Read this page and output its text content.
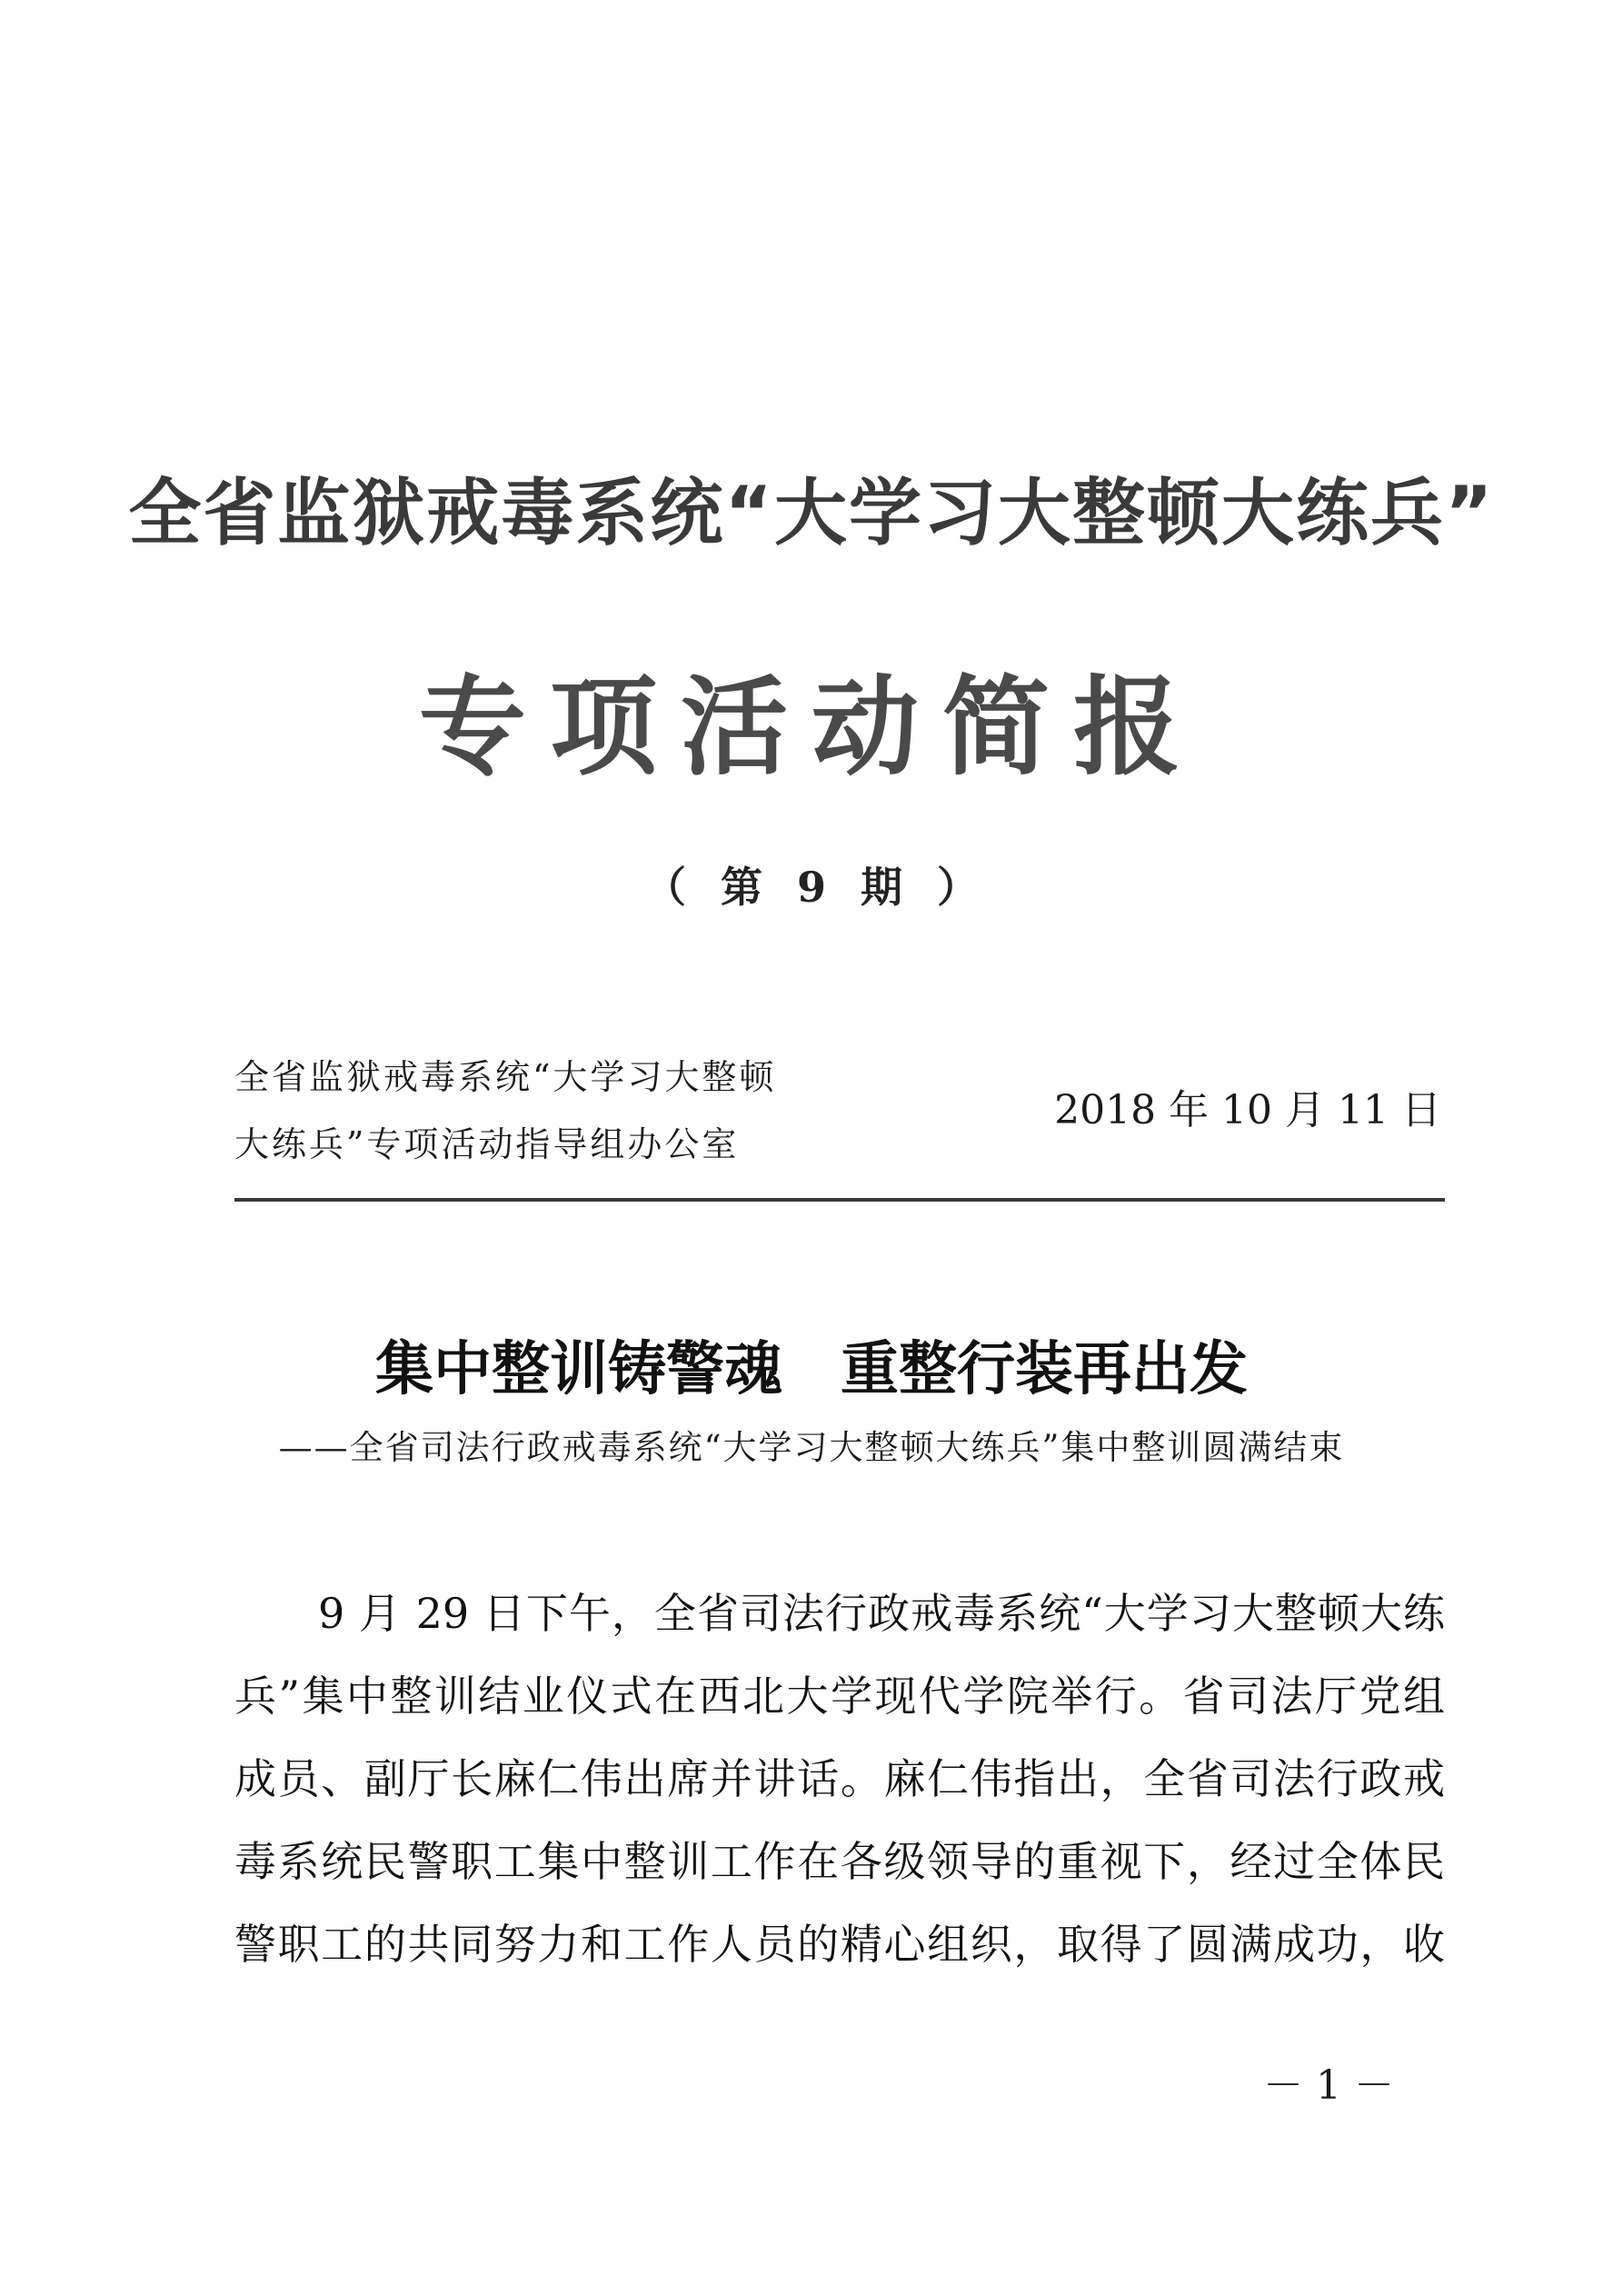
全省监狱戒毒系统“大学习大整顿大练兵”
专项活动简报
（ 第 9 期 ）
全省监狱戒毒系统“大学习大整顿
大练兵”专项活动指导组办公室
2018 年 10 月 11 日
集中整训铸警魂　重整行装再出发
——全省司法行政戒毒系统“大学习大整顿大练兵”集中整训圆满结束
9 月 29 日下午，全省司法行政戒毒系统“大学习大整顿大练
兵”集中整训结业仪式在西北大学现代学院举行。省司法厅党组
成员、副厅长麻仁伟出席并讲话。麻仁伟指出，全省司法行政戒
毒系统民警职工集中整训工作在各级领导的重视下，经过全体民
警职工的共同努力和工作人员的精心组织，取得了圆满成功，收
－ 1 －
